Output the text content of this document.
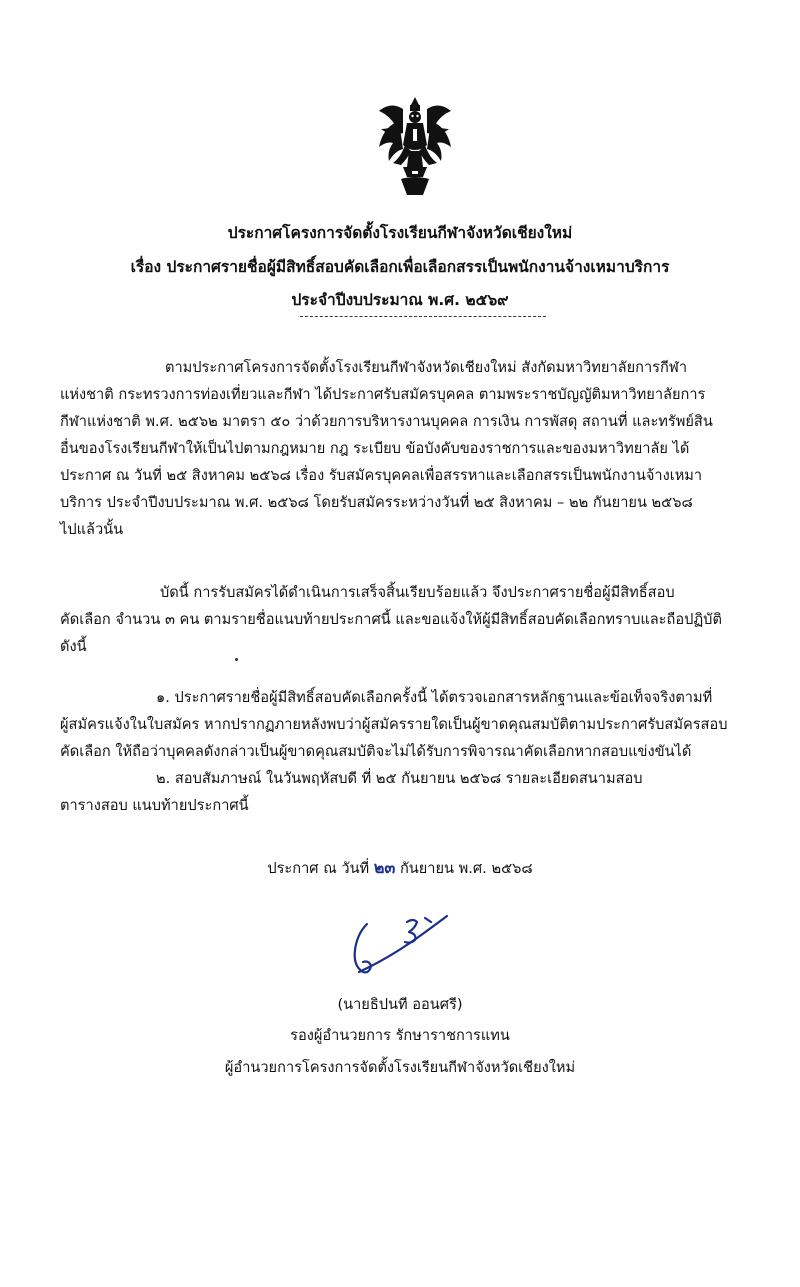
ประกาศโครงการจัดตั้งโรงเรียนกีฬาจังหวัดเชียงใหม่
เรื่อง ประกาศรายชื่อผู้มีสิทธิ์สอบคัดเลือกเพื่อเลือกสรรเป็นพนักงานจ้างเหมาบริการ
ประจำปีงบประมาณ พ.ศ. ๒๕๖๙
ตามประกาศโครงการจัดตั้งโรงเรียนกีฬาจังหวัดเชียงใหม่ สังกัดมหาวิทยาลัยการกีฬา
แห่งชาติ กระทรวงการท่องเที่ยวและกีฬา ได้ประกาศรับสมัครบุคคล ตามพระราชบัญญัติมหาวิทยาลัยการ
กีฬาแห่งชาติ พ.ศ. ๒๕๖๒ มาตรา ๕๐ ว่าด้วยการบริหารงานบุคคล การเงิน การพัสดุ สถานที่ และทรัพย์สิน
อื่นของโรงเรียนกีฬาให้เป็นไปตามกฎหมาย กฎ ระเบียบ ข้อบังคับของราชการและของมหาวิทยาลัย ได้
ประกาศ ณ วันที่ ๒๕ สิงหาคม ๒๕๖๘ เรื่อง รับสมัครบุคคลเพื่อสรรหาและเลือกสรรเป็นพนักงานจ้างเหมา
บริการ ประจำปีงบประมาณ พ.ศ. ๒๕๖๘ โดยรับสมัครระหว่างวันที่ ๒๕ สิงหาคม – ๒๒ กันยายน ๒๕๖๘
ไปแล้วนั้น
บัดนี้ การรับสมัครได้ดำเนินการเสร็จสิ้นเรียบร้อยแล้ว จึงประกาศรายชื่อผู้มีสิทธิ์สอบ
คัดเลือก จำนวน ๓ คน ตามรายชื่อแนบท้ายประกาศนี้ และขอแจ้งให้ผู้มีสิทธิ์สอบคัดเลือกทราบและถือปฏิบัติ
ดังนี้
๑. ประกาศรายชื่อผู้มีสิทธิ์สอบคัดเลือกครั้งนี้ ได้ตรวจเอกสารหลักฐานและข้อเท็จจริงตามที่
ผู้สมัครแจ้งในใบสมัคร หากปรากฏภายหลังพบว่าผู้สมัครรายใดเป็นผู้ขาดคุณสมบัติตามประกาศรับสมัครสอบ
คัดเลือก ให้ถือว่าบุคคลดังกล่าวเป็นผู้ขาดคุณสมบัติจะไม่ได้รับการพิจารณาคัดเลือกหากสอบแข่งขันได้
๒. สอบสัมภาษณ์ ในวันพฤหัสบดี ที่ ๒๕ กันยายน ๒๕๖๘ รายละเอียดสนามสอบ
ตารางสอบ แนบท้ายประกาศนี้
ประกาศ ณ วันที่ ๒๓ กันยายน พ.ศ. ๒๕๖๘
(นายธิปนที ออนศรี)
รองผู้อำนวยการ รักษาราชการแทน
ผู้อำนวยการโครงการจัดตั้งโรงเรียนกีฬาจังหวัดเชียงใหม่
